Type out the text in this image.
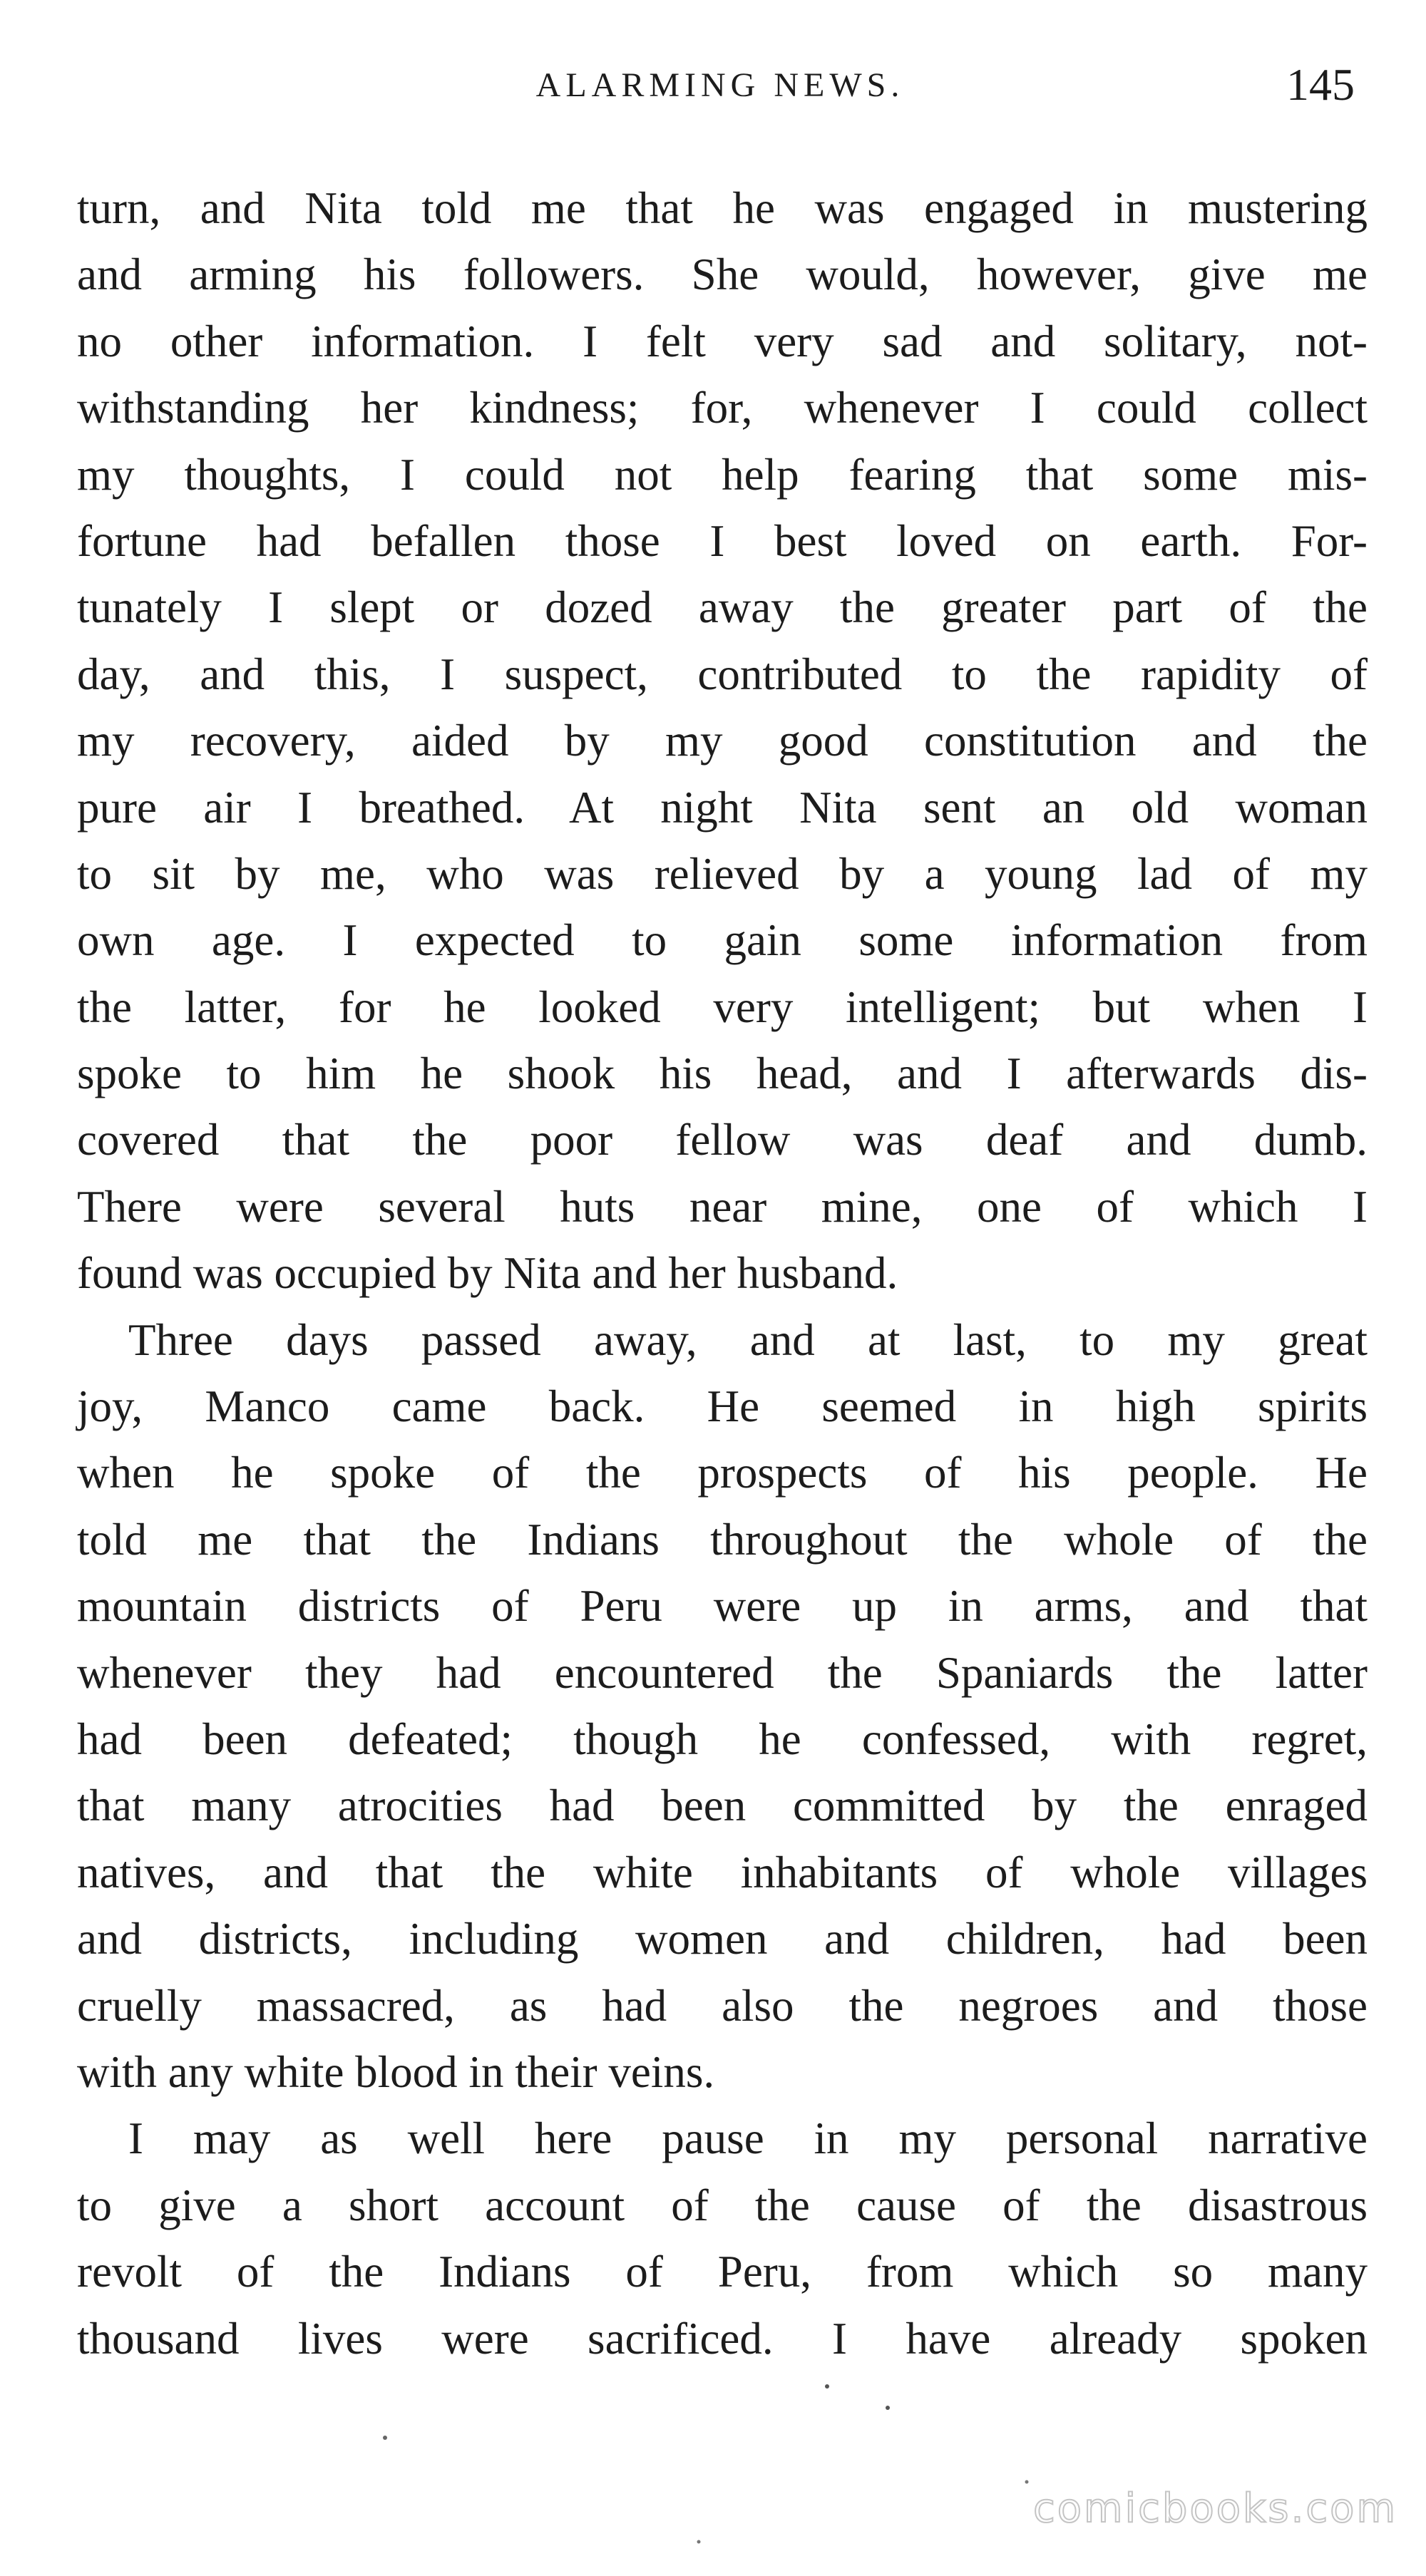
ALARMING NEWS.	145
turn, and Nita told me that he was engaged in mustering
and arming his followers. She would, however, give me
no other information. I felt very sad and solitary, not-
withstanding her kindness; for, whenever I could collect
my thoughts, I could not help fearing that some mis-
fortune had befallen those I best loved on earth. For-
tunately I slept or dozed away the greater part of the
day, and this, I suspect, contributed to the rapidity of
my recovery, aided by my good constitution and the
pure air I breathed. At night Nita sent an old woman
to sit by me, who was relieved by a young lad of my
own age. I expected to gain some information from
the latter, for he looked very intelligent; but when I
spoke to him he shook his head, and I afterwards dis-
covered that the poor fellow was deaf and dumb.
There were several huts near mine, one of which I
found was occupied by Nita and her husband.
Three days passed away, and at last, to my great
joy, Manco came back. He seemed in high spirits
when he spoke of the prospects of his people. He
told me that the Indians throughout the whole of the
mountain districts of Peru were up in arms, and that
whenever they had encountered the Spaniards the latter
had been defeated; though he confessed, with regret,
that many atrocities had been committed by the enraged
natives, and that the white inhabitants of whole villages
and districts, including women and children, had been
cruelly massacred, as had also the negroes and those
with any white blood in their veins.
I may as well here pause in my personal narrative
to give a short account of the cause of the disastrous
revolt of the Indians of Peru, from which so many
thousand lives were sacrificed. I have already spoken
comicbooks.com
